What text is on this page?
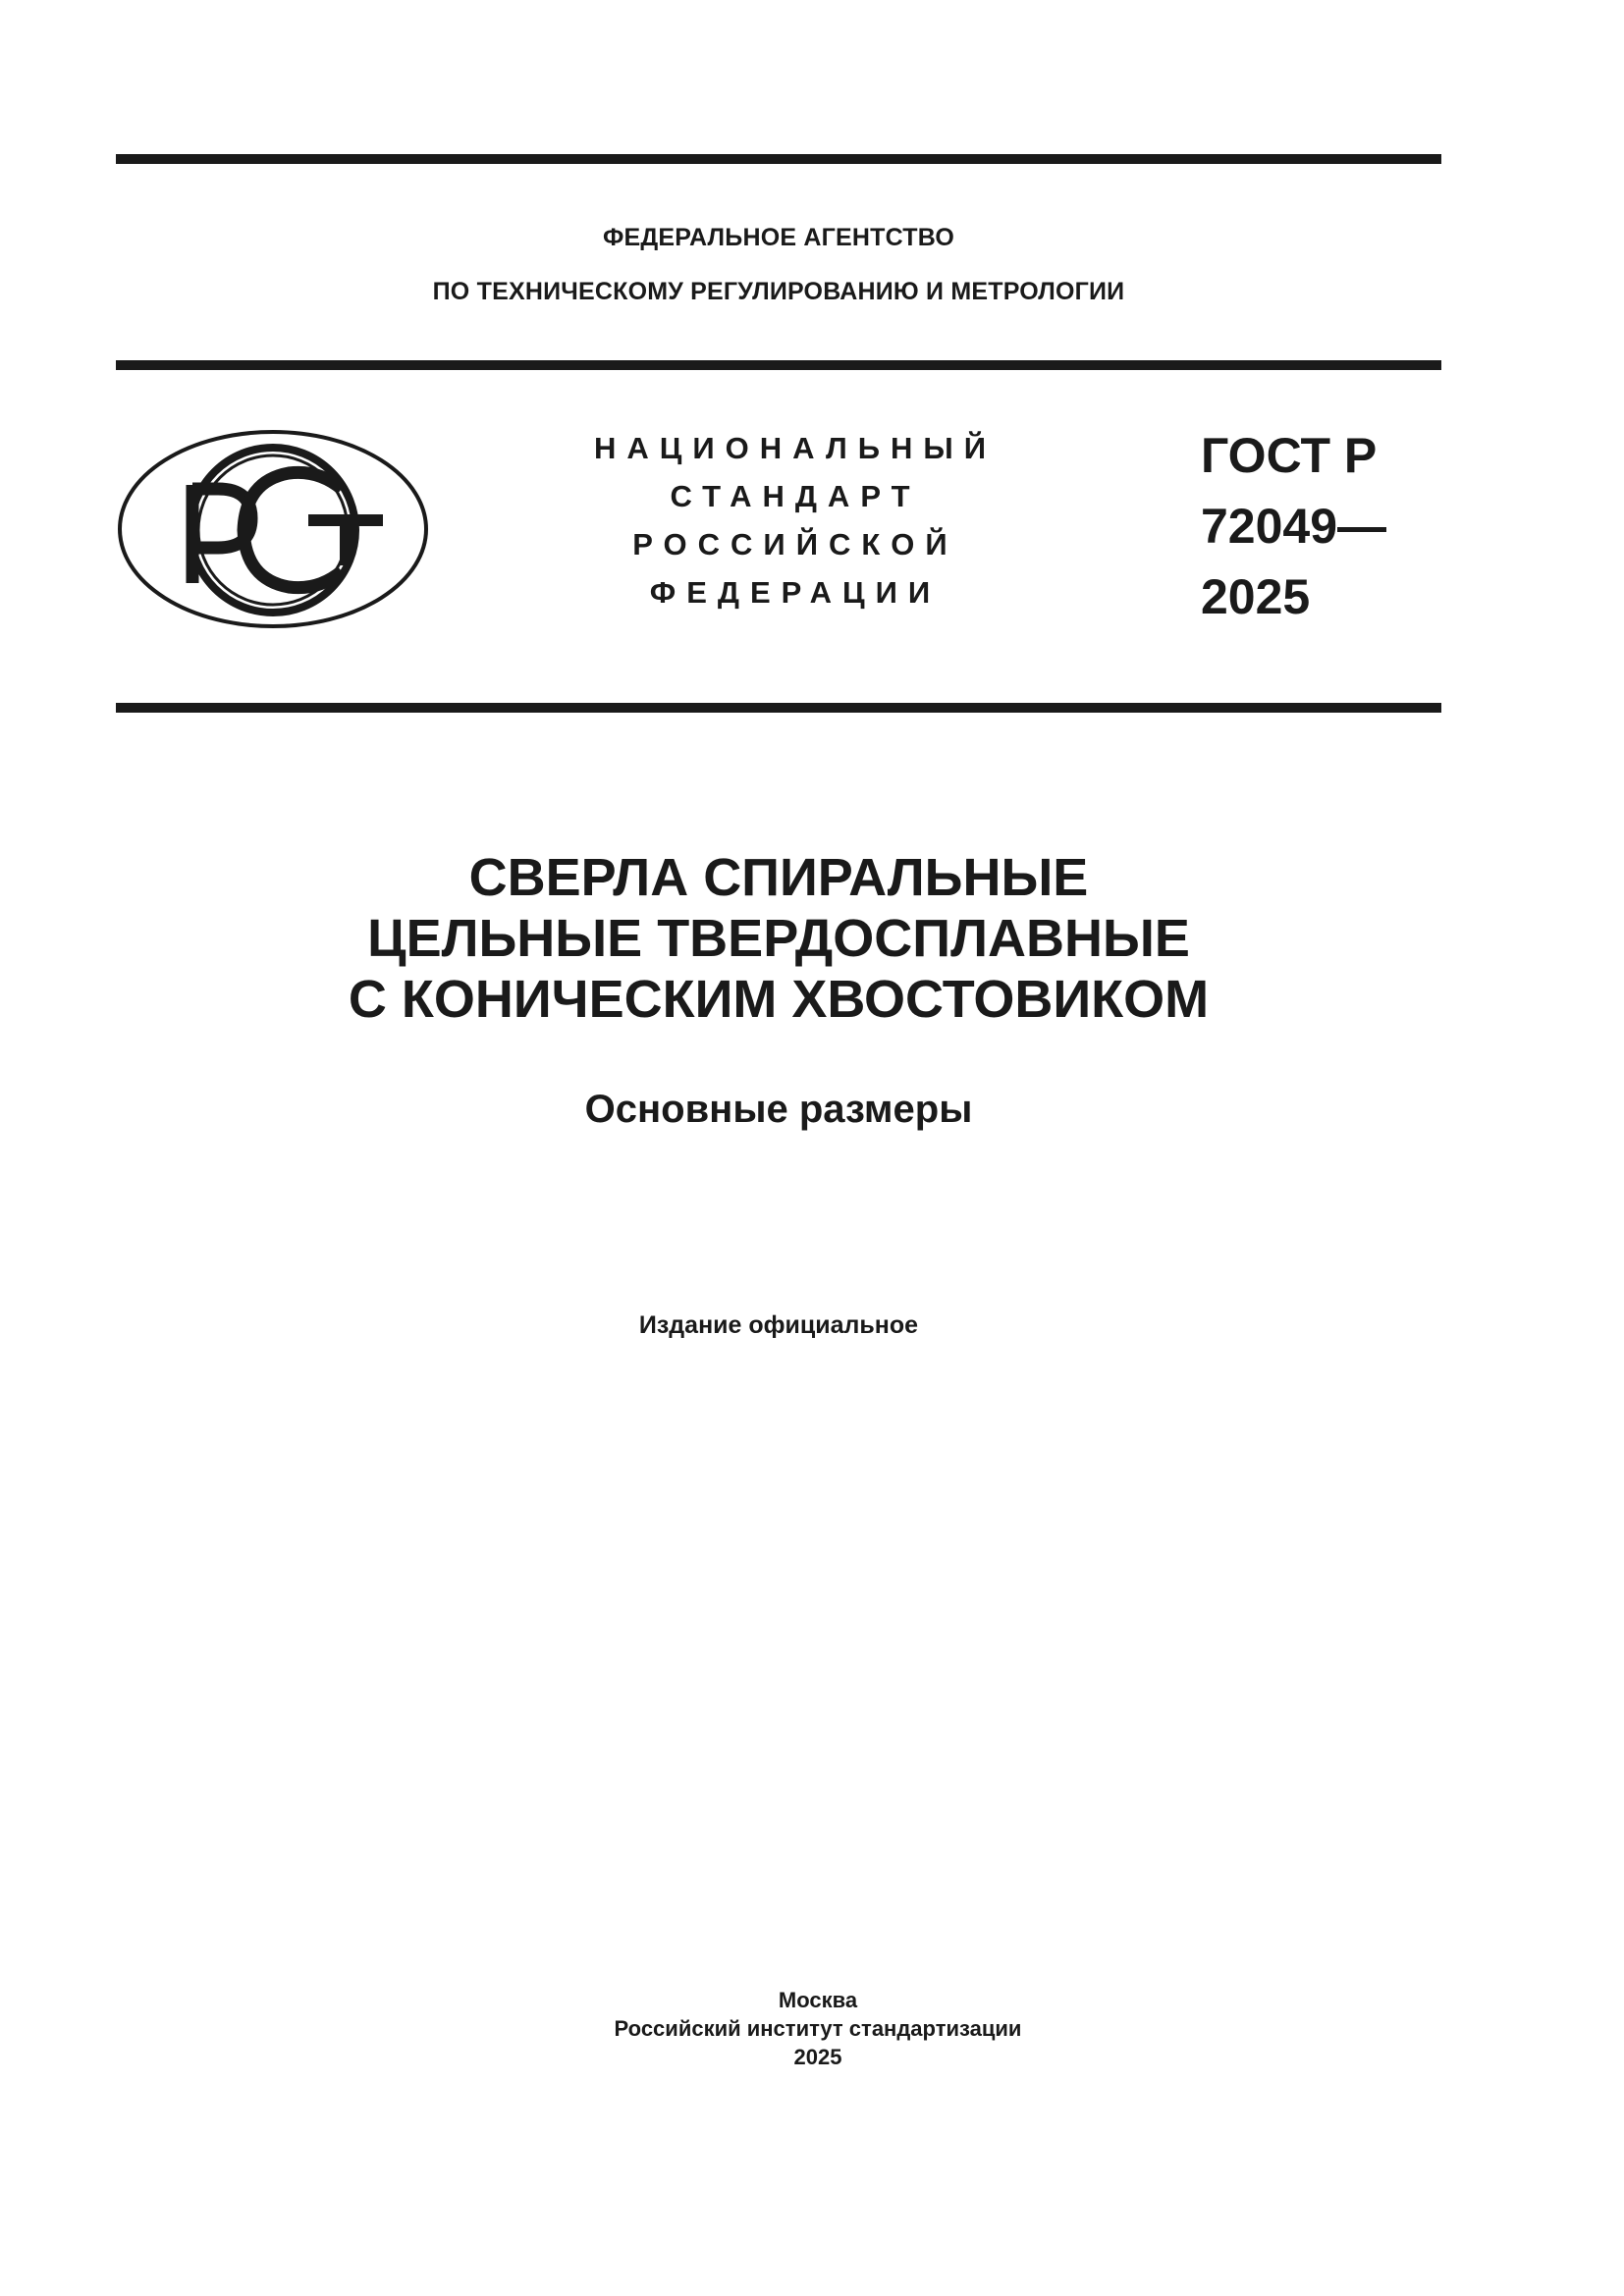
ФЕДЕРАЛЬНОЕ АГЕНТСТВО
ПО ТЕХНИЧЕСКОМУ РЕГУЛИРОВАНИЮ И МЕТРОЛОГИИ
НАЦИОНАЛЬНЫЙ
СТАНДАРТ
РОССИЙСКОЙ
ФЕДЕРАЦИИ
ГОСТ Р
72049—
2025
СВЕРЛА СПИРАЛЬНЫЕ
ЦЕЛЬНЫЕ ТВЕРДОСПЛАВНЫЕ
С КОНИЧЕСКИМ ХВОСТОВИКОМ
Основные размеры
Издание официальное
Москва
Российский институт стандартизации
2025
